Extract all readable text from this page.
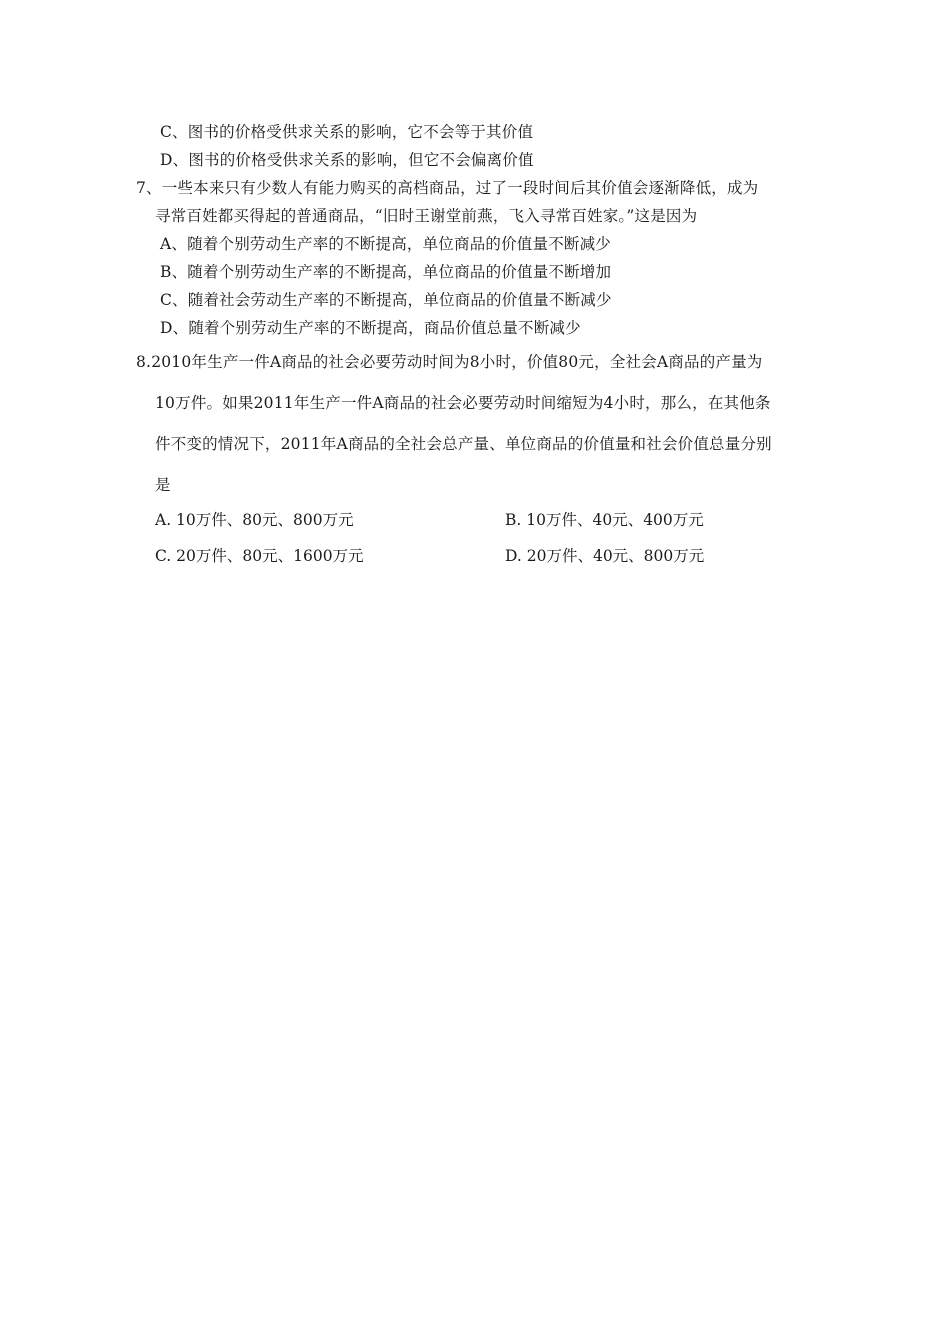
C、图书的价格受供求关系的影响，它不会等于其价值
D、图书的价格受供求关系的影响，但它不会偏离价值
7、一些本来只有少数人有能力购买的高档商品，过了一段时间后其价值会逐渐降低，成为
寻常百姓都买得起的普通商品，“旧时王谢堂前燕，飞入寻常百姓家。”这是因为
A、随着个别劳动生产率的不断提高，单位商品的价值量不断减少
B、随着个别劳动生产率的不断提高，单位商品的价值量不断增加
C、随着社会劳动生产率的不断提高，单位商品的价值量不断减少
D、随着个别劳动生产率的不断提高，商品价值总量不断减少
8.2010年生产一件A商品的社会必要劳动时间为8小时，价值80元，全社会A商品的产量为
10万件。如果2011年生产一件A商品的社会必要劳动时间缩短为4小时，那么，在其他条
件不变的情况下，2011年A商品的全社会总产量、单位商品的价值量和社会价值总量分别
是
A. 10万件、80元、800万元	B. 10万件、40元、400万元
C. 20万件、80元、1600万元	D. 20万件、40元、800万元
